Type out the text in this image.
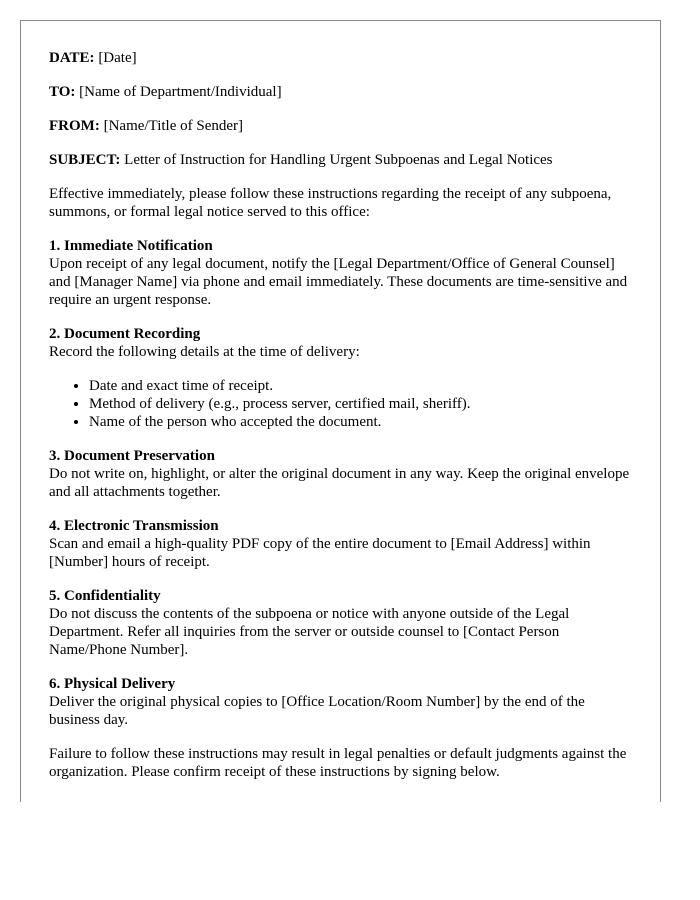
DATE: [Date]

TO: [Name of Department/Individual]

FROM: [Name/Title of Sender]

SUBJECT: Letter of Instruction for Handling Urgent Subpoenas and Legal Notices

Effective immediately, please follow these instructions regarding the receipt of any subpoena, summons, or formal legal notice served to this office:

1. Immediate Notification
Upon receipt of any legal document, notify the [Legal Department/Office of General Counsel] and [Manager Name] via phone and email immediately. These documents are time-sensitive and require an urgent response.
2. Document Recording
Record the following details at the time of delivery:
• Date and exact time of receipt.
• Method of delivery (e.g., process server, certified mail, sheriff).
• Name of the person who accepted the document.
3. Document Preservation
Do not write on, highlight, or alter the original document in any way. Keep the original envelope and all attachments together.
4. Electronic Transmission
Scan and email a high-quality PDF copy of the entire document to [Email Address] within [Number] hours of receipt.
5. Confidentiality
Do not discuss the contents of the subpoena or notice with anyone outside of the Legal Department. Refer all inquiries from the server or outside counsel to [Contact Person Name/Phone Number].
6. Physical Delivery
Deliver the original physical copies to [Office Location/Room Number] by the end of the business day.

Failure to follow these instructions may result in legal penalties or default judgments against the organization. Please confirm receipt of these instructions by signing below.
